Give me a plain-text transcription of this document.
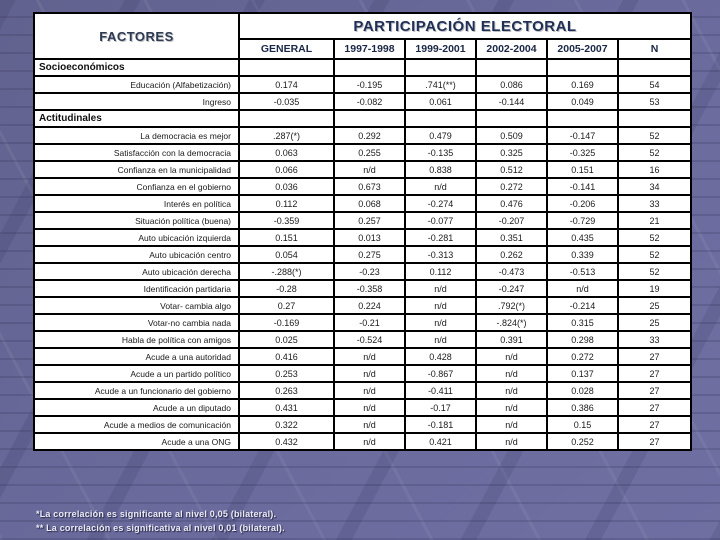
FACTORES	PARTICIPACIÓN ELECTORAL					
	GENERAL	1997-1998	1999-2001	2002-2004	2005-2007	N
Socioeconómicos						
Educación (Alfabetización)	0.174	-0.195	.741(**)	0.086	0.169	54
Ingreso	-0.035	-0.082	0.061	-0.144	0.049	53
Actitudinales						
La democracia es mejor	.287(*)	0.292	0.479	0.509	-0.147	52
Satisfacción con la democracia	0.063	0.255	-0.135	0.325	-0.325	52
Confianza en la municipalidad	0.066	n/d	0.838	0.512	0.151	16
Confianza en el gobierno	0.036	0.673	n/d	0.272	-0.141	34
Interés en política	0.112	0.068	-0.274	0.476	-0.206	33
Situación política (buena)	-0.359	0.257	-0.077	-0.207	-0.729	21
Auto ubicación izquierda	0.151	0.013	-0.281	0.351	0.435	52
Auto ubicación centro	0.054	0.275	-0.313	0.262	0.339	52
Auto ubicación derecha	-.288(*)	-0.23	0.112	-0.473	-0.513	52
Identificación partidaria	-0.28	-0.358	n/d	-0.247	n/d	19
Votar- cambia algo	0.27	0.224	n/d	.792(*)	-0.214	25
Votar-no cambia nada	-0.169	-0.21	n/d	-.824(*)	0.315	25
Habla de política con amigos	0.025	-0.524	n/d	0.391	0.298	33
Acude a una autoridad	0.416	n/d	0.428	n/d	0.272	27
Acude a un partido político	0.253	n/d	-0.867	n/d	0.137	27
Acude a un funcionario del gobierno	0.263	n/d	-0.411	n/d	0.028	27
Acude a un diputado	0.431	n/d	-0.17	n/d	0.386	27
Acude a medios de comunicación	0.322	n/d	-0.181	n/d	0.15	27
Acude a una ONG	0.432	n/d	0.421	n/d	0.252	27
*La correlación es significante al nivel 0,05 (bilateral).
** La correlación es significativa al nivel 0,01 (bilateral).
